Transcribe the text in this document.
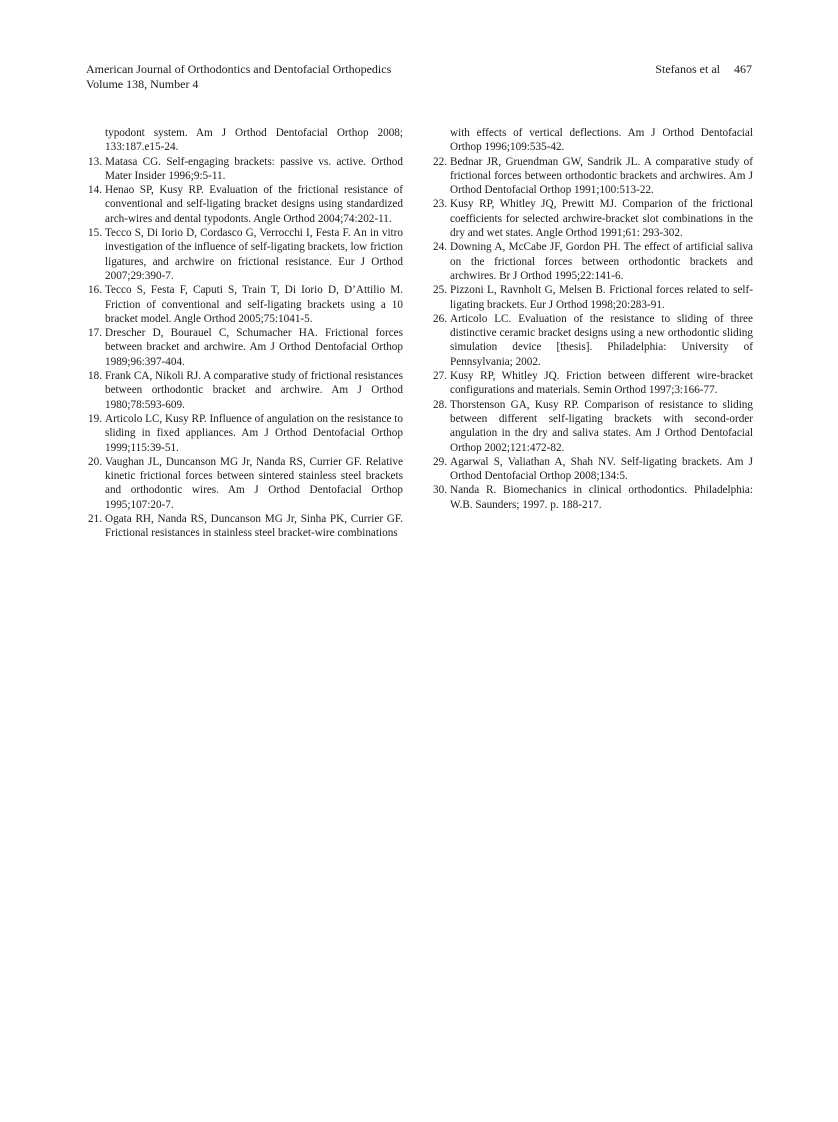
American Journal of Orthodontics and Dentofacial Orthopedics
Volume 138, Number 4
Stefanos et al 467
typodont system. Am J Orthod Dentofacial Orthop 2008; 133:187.e15-24.
13. Matasa CG. Self-engaging brackets: passive vs. active. Orthod Mater Insider 1996;9:5-11.
14. Henao SP, Kusy RP. Evaluation of the frictional resistance of conventional and self-ligating bracket designs using standardized arch-wires and dental typodonts. Angle Orthod 2004;74:202-11.
15. Tecco S, Di Iorio D, Cordasco G, Verrocchi I, Festa F. An in vitro investigation of the influence of self-ligating brackets, low friction ligatures, and archwire on frictional resistance. Eur J Orthod 2007;29:390-7.
16. Tecco S, Festa F, Caputi S, Train T, Di Iorio D, D’Attilio M. Friction of conventional and self-ligating brackets using a 10 bracket model. Angle Orthod 2005;75:1041-5.
17. Drescher D, Bourauel C, Schumacher HA. Frictional forces between bracket and archwire. Am J Orthod Dentofacial Orthop 1989;96:397-404.
18. Frank CA, Nikoli RJ. A comparative study of frictional resistances between orthodontic bracket and archwire. Am J Orthod 1980;78:593-609.
19. Articolo LC, Kusy RP. Influence of angulation on the resistance to sliding in fixed appliances. Am J Orthod Dentofacial Orthop 1999;115:39-51.
20. Vaughan JL, Duncanson MG Jr, Nanda RS, Currier GF. Relative kinetic frictional forces between sintered stainless steel brackets and orthodontic wires. Am J Orthod Dentofacial Orthop 1995;107:20-7.
21. Ogata RH, Nanda RS, Duncanson MG Jr, Sinha PK, Currier GF. Frictional resistances in stainless steel bracket-wire combinations
with effects of vertical deflections. Am J Orthod Dentofacial Orthop 1996;109:535-42.
22. Bednar JR, Gruendman GW, Sandrik JL. A comparative study of frictional forces between orthodontic brackets and archwires. Am J Orthod Dentofacial Orthop 1991;100:513-22.
23. Kusy RP, Whitley JQ, Prewitt MJ. Comparion of the frictional coefficients for selected archwire-bracket slot combinations in the dry and wet states. Angle Orthod 1991;61: 293-302.
24. Downing A, McCabe JF, Gordon PH. The effect of artificial saliva on the frictional forces between orthodontic brackets and archwires. Br J Orthod 1995;22:141-6.
25. Pizzoni L, Ravnholt G, Melsen B. Frictional forces related to self-ligating brackets. Eur J Orthod 1998;20:283-91.
26. Articolo LC. Evaluation of the resistance to sliding of three distinctive ceramic bracket designs using a new orthodontic sliding simulation device [thesis]. Philadelphia: University of Pennsylvania; 2002.
27. Kusy RP, Whitley JQ. Friction between different wire-bracket configurations and materials. Semin Orthod 1997;3:166-77.
28. Thorstenson GA, Kusy RP. Comparison of resistance to sliding between different self-ligating brackets with second-order angulation in the dry and saliva states. Am J Orthod Dentofacial Orthop 2002;121:472-82.
29. Agarwal S, Valiathan A, Shah NV. Self-ligating brackets. Am J Orthod Dentofacial Orthop 2008;134:5.
30. Nanda R. Biomechanics in clinical orthodontics. Philadelphia: W.B. Saunders; 1997. p. 188-217.
